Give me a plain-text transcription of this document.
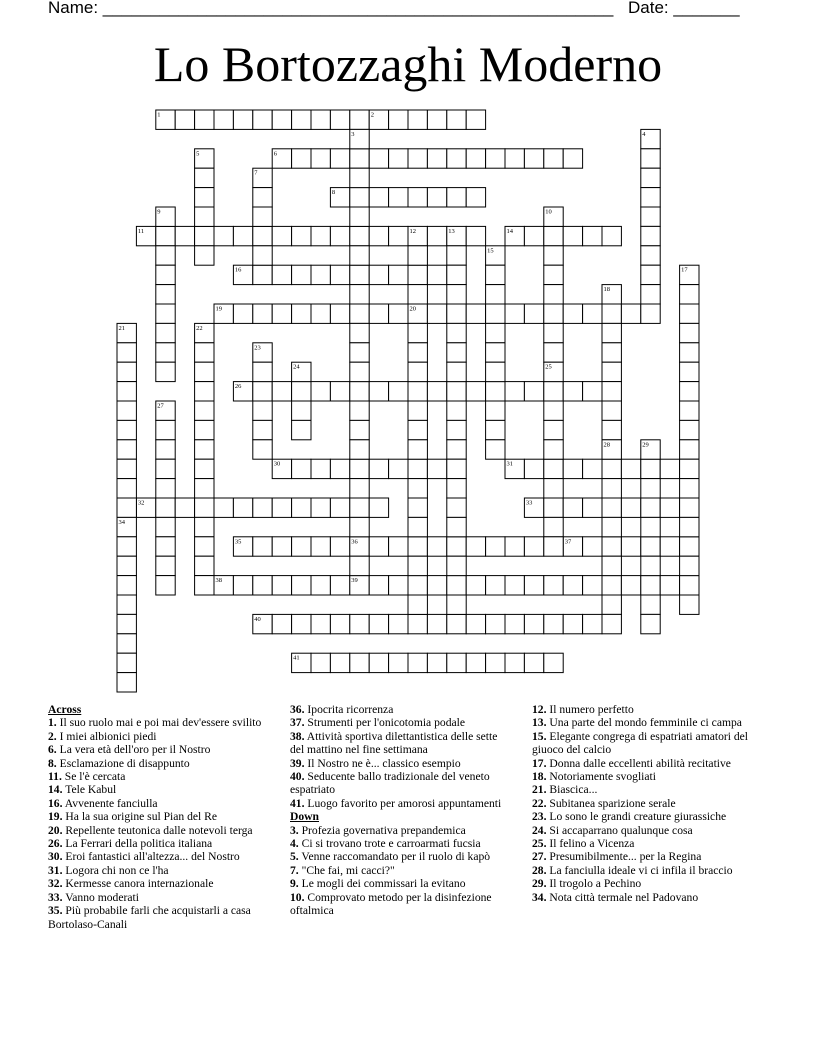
Name: ______________________________________________________ Date: _______
Lo Bortozzaghi Moderno
1	2
3	4
5	6
7
8
9	10
11	12	13	14
15
16	17
18
19	20
21	22
23
24	25
26
27
28	29
30	31
32	33
34
35	36	37
38	39
40
41

Across

1. Il suo ruolo mai e poi mai dev'essere svilito

2. I miei albionici piedi

6. La vera età dell'oro per il Nostro

8. Esclamazione di disappunto

11. Se l'è cercata

14. Tele Kabul

16. Avvenente fanciulla

19. Ha la sua origine sul Pian del Re

20. Repellente teutonica dalle notevoli terga

26. La Ferrari della politica italiana

30. Eroi fantastici all'altezza... del Nostro

31. Logora chi non ce l'ha

32. Kermesse canora internazionale

33. Vanno moderati

35. Più probabile farli che acquistarli a casa Bortolaso-Canali

36. Ipocrita ricorrenza

37. Strumenti per l'onicotomia podale

38. Attività sportiva dilettantistica delle sette del mattino nel fine settimana

39. Il Nostro ne è... classico esempio

40. Seducente ballo tradizionale del veneto espatriato

41. Luogo favorito per amorosi appuntamenti

Down

3. Profezia governativa prepandemica

4. Ci si trovano trote e carroarmati fucsia

5. Venne raccomandato per il ruolo di kapò

7. "Che fai, mi cacci?"

9. Le mogli dei commissari la evitano

10. Comprovato metodo per la disinfezione oftalmica

12. Il numero perfetto

13. Una parte del mondo femminile ci campa

15. Elegante congrega di espatriati amatori del giuoco del calcio

17. Donna dalle eccellenti abilità recitative

18. Notoriamente svogliati

21. Biascica...

22. Subitanea sparizione serale

23. Lo sono le grandi creature giurassiche

24. Si accaparrano qualunque cosa

25. Il felino a Vicenza

27. Presumibilmente... per la Regina

28. La fanciulla ideale vi ci infila il braccio

29. Il trogolo a Pechino

34. Nota città termale nel Padovano
